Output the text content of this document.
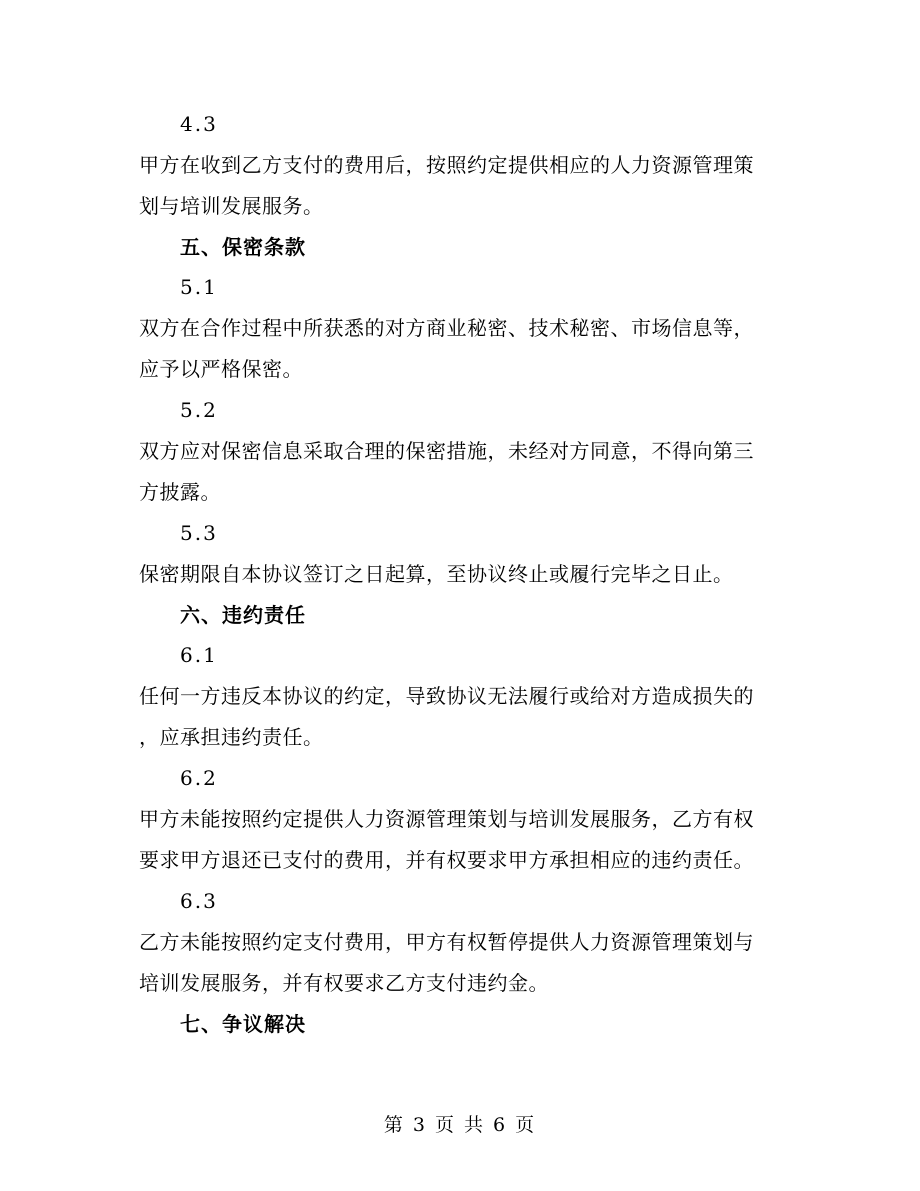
4.3
甲方在收到乙方支付的费用后，按照约定提供相应的人力资源管理策
划与培训发展服务。
五、保密条款
5.1
双方在合作过程中所获悉的对方商业秘密、技术秘密、市场信息等，
应予以严格保密。
5.2
双方应对保密信息采取合理的保密措施，未经对方同意，不得向第三
方披露。
5.3
保密期限自本协议签订之日起算，至协议终止或履行完毕之日止。
六、违约责任
6.1
任何一方违反本协议的约定，导致协议无法履行或给对方造成损失的
，应承担违约责任。
6.2
甲方未能按照约定提供人力资源管理策划与培训发展服务，乙方有权
要求甲方退还已支付的费用，并有权要求甲方承担相应的违约责任。
6.3
乙方未能按照约定支付费用，甲方有权暂停提供人力资源管理策划与
培训发展服务，并有权要求乙方支付违约金。
七、争议解决
第 3 页 共 6 页
